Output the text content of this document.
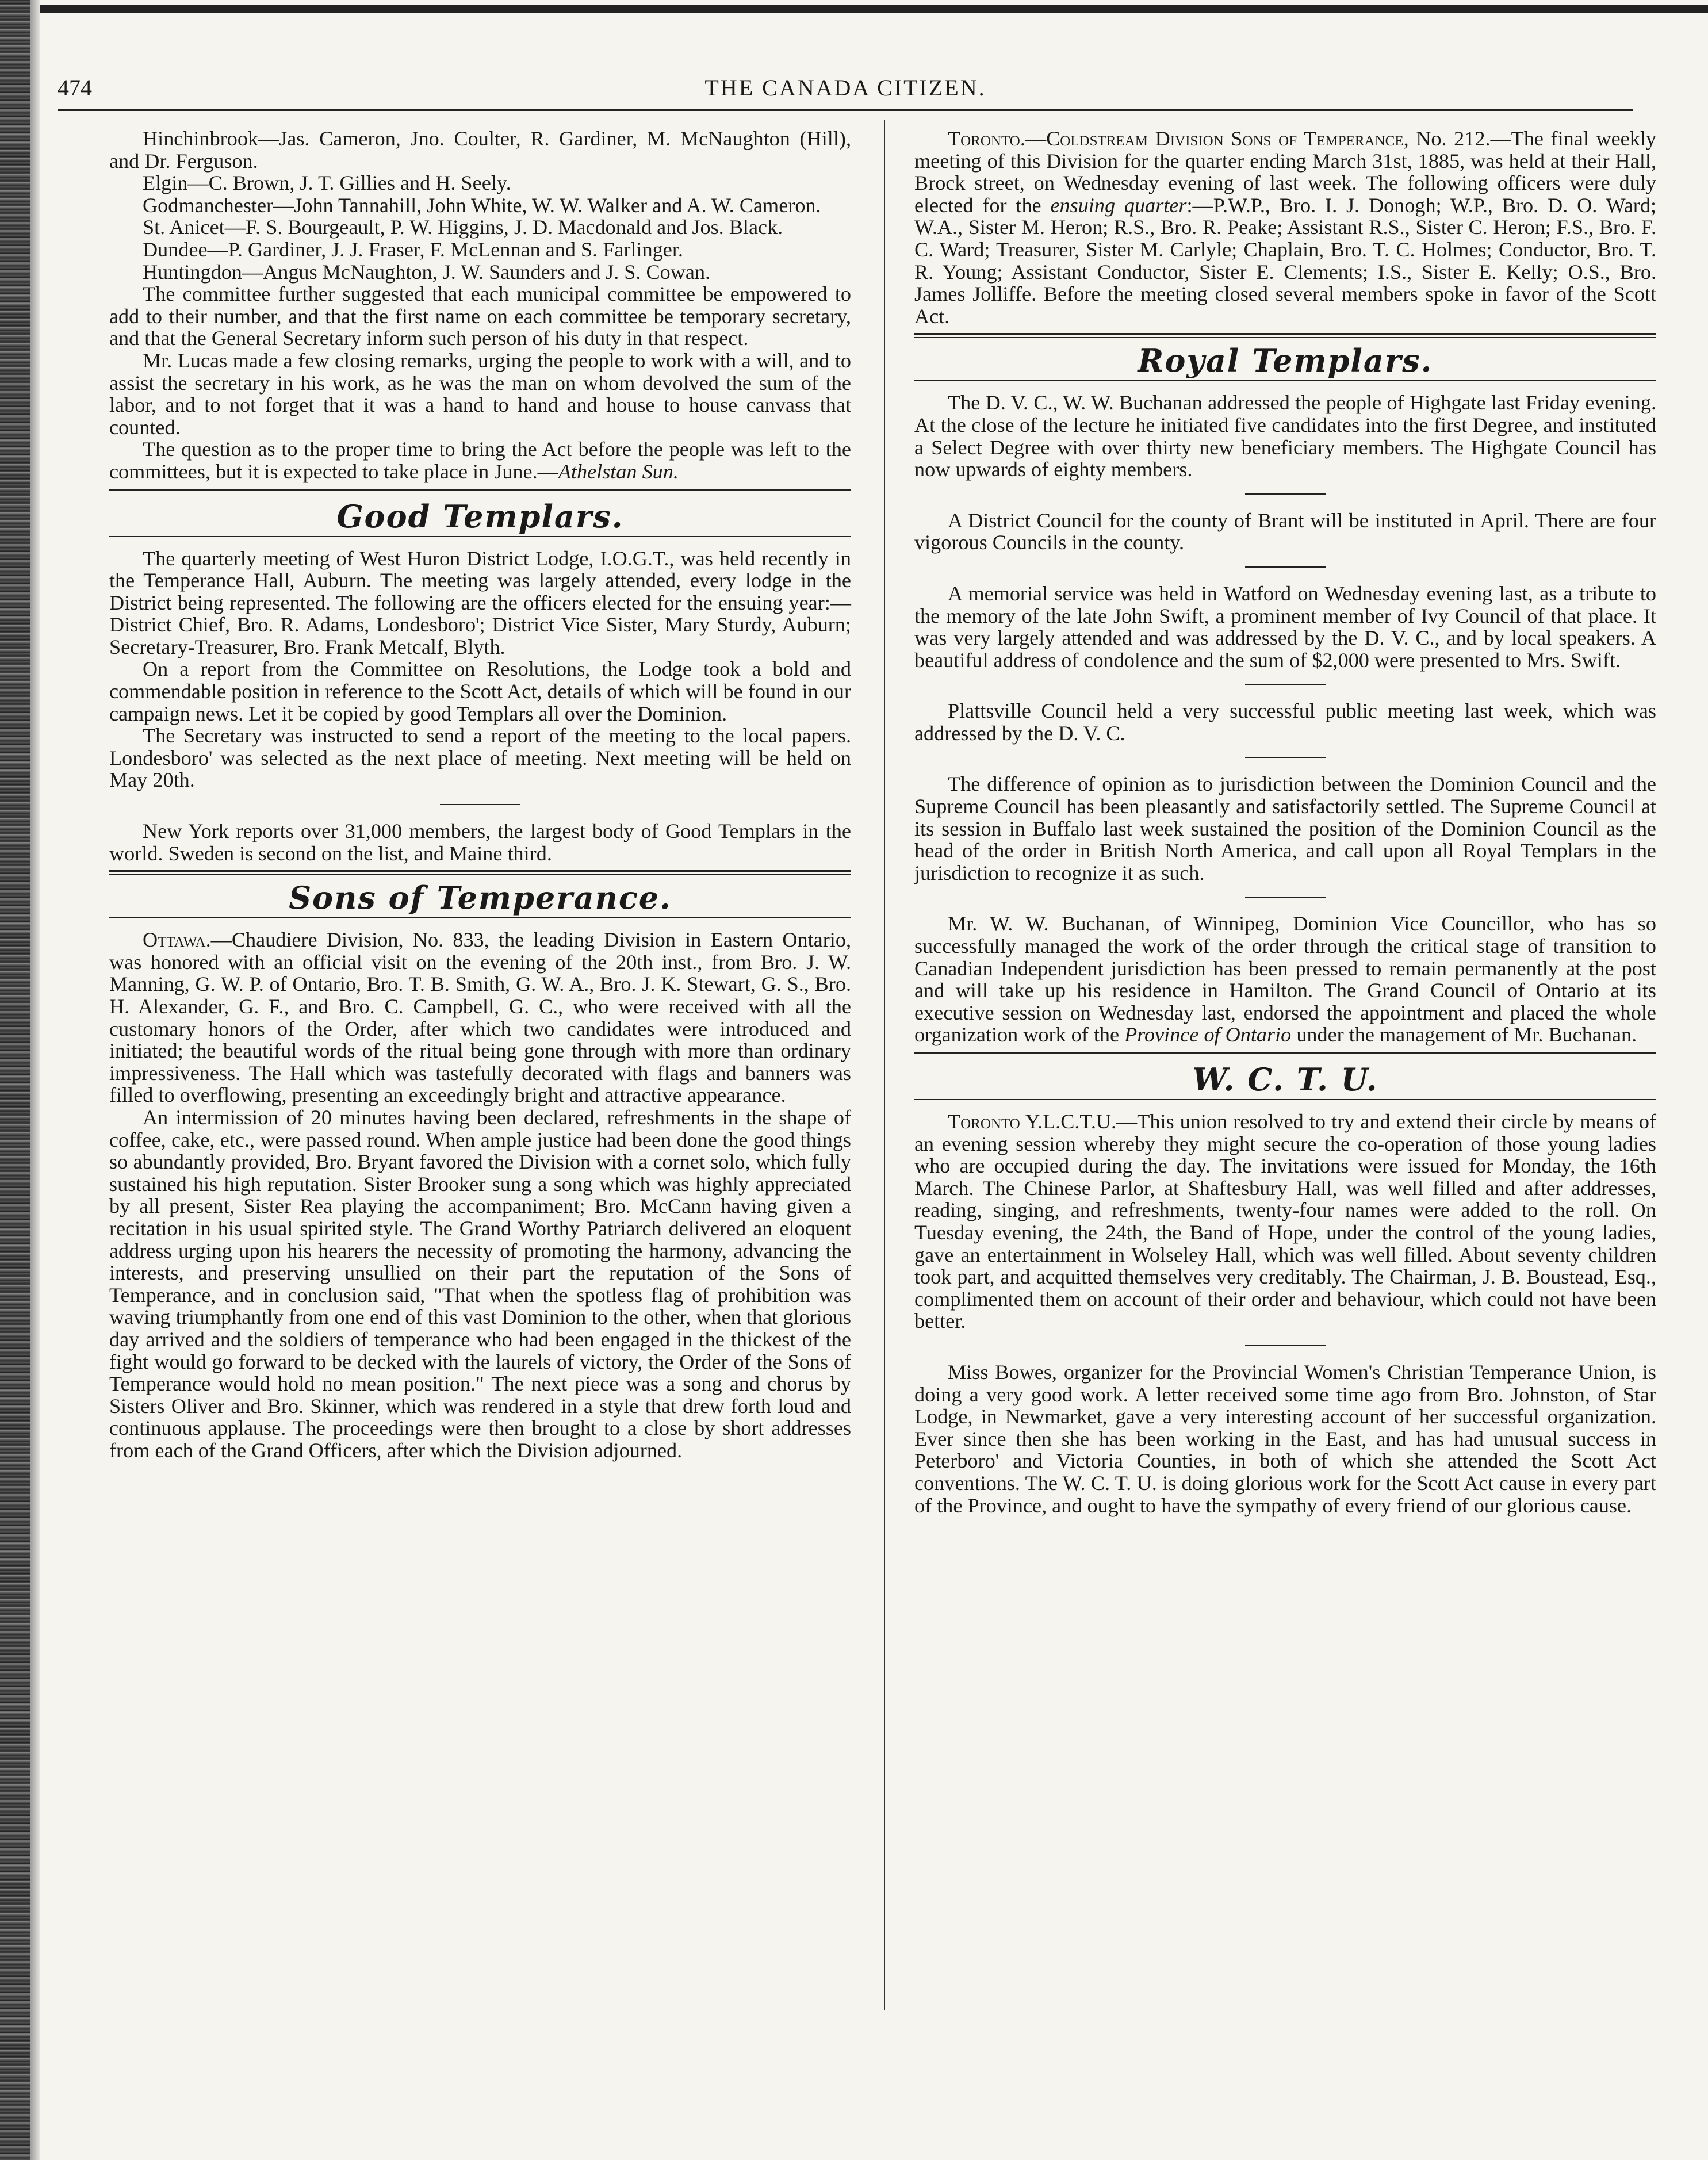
474	THE CANADA CITIZEN.

Hinchinbrook—Jas. Cameron, Jno. Coulter, R. Gardiner, M. McNaughton (Hill), and Dr. Ferguson.

Elgin—C. Brown, J. T. Gillies and H. Seely.

Godmanchester—John Tannahill, John White, W. W. Walker and A. W. Cameron.

St. Anicet—F. S. Bourgeault, P. W. Higgins, J. D. Macdonald and Jos. Black.

Dundee—P. Gardiner, J. J. Fraser, F. McLennan and S. Farlinger.

Huntingdon—Angus McNaughton, J. W. Saunders and J. S. Cowan.

The committee further suggested that each municipal committee be empowered to add to their number, and that the first name on each committee be temporary secretary, and that the General Secretary inform such person of his duty in that respect.

Mr. Lucas made a few closing remarks, urging the people to work with a will, and to assist the secretary in his work, as he was the man on whom devolved the sum of the labor, and to not forget that it was a hand to hand and house to house canvass that counted.

The question as to the proper time to bring the Act before the people was left to the committees, but it is expected to take place in June.—Athelstan Sun.

Good Templars.

The quarterly meeting of West Huron District Lodge, I.O.G.T., was held recently in the Temperance Hall, Auburn. The meeting was largely attended, every lodge in the District being represented. The following are the officers elected for the ensuing year:—District Chief, Bro. R. Adams, Londesboro'; District Vice Sister, Mary Sturdy, Auburn; Secretary-Treasurer, Bro. Frank Metcalf, Blyth.

On a report from the Committee on Resolutions, the Lodge took a bold and commendable position in reference to the Scott Act, details of which will be found in our campaign news. Let it be copied by good Templars all over the Dominion.

The Secretary was instructed to send a report of the meeting to the local papers. Londesboro' was selected as the next place of meeting. Next meeting will be held on May 20th.

New York reports over 31,000 members, the largest body of Good Templars in the world. Sweden is second on the list, and Maine third.

Sons of Temperance.

Ottawa.—Chaudiere Division, No. 833, the leading Division in Eastern Ontario, was honored with an official visit on the evening of the 20th inst., from Bro. J. W. Manning, G. W. P. of Ontario, Bro. T. B. Smith, G. W. A., Bro. J. K. Stewart, G. S., Bro. H. Alexander, G. F., and Bro. C. Campbell, G. C., who were received with all the customary honors of the Order, after which two candidates were introduced and initiated; the beautiful words of the ritual being gone through with more than ordinary impressiveness. The Hall which was tastefully decorated with flags and banners was filled to overflowing, presenting an exceedingly bright and attractive appearance.

An intermission of 20 minutes having been declared, refreshments in the shape of coffee, cake, etc., were passed round. When ample justice had been done the good things so abundantly provided, Bro. Bryant favored the Division with a cornet solo, which fully sustained his high reputation. Sister Brooker sung a song which was highly appreciated by all present, Sister Rea playing the accompaniment; Bro. McCann having given a recitation in his usual spirited style. The Grand Worthy Patriarch delivered an eloquent address urging upon his hearers the necessity of promoting the harmony, advancing the interests, and preserving unsullied on their part the reputation of the Sons of Temperance, and in conclusion said, "That when the spotless flag of prohibition was waving triumphantly from one end of this vast Dominion to the other, when that glorious day arrived and the soldiers of temperance who had been engaged in the thickest of the fight would go forward to be decked with the laurels of victory, the Order of the Sons of Temperance would hold no mean position." The next piece was a song and chorus by Sisters Oliver and Bro. Skinner, which was rendered in a style that drew forth loud and continuous applause. The proceedings were then brought to a close by short addresses from each of the Grand Officers, after which the Division adjourned.

Toronto.—Coldstream Division Sons of Temperance, No. 212.—The final weekly meeting of this Division for the quarter ending March 31st, 1885, was held at their Hall, Brock street, on Wednesday evening of last week. The following officers were duly elected for the ensuing quarter:—P.W.P., Bro. I. J. Donogh; W.P., Bro. D. O. Ward; W.A., Sister M. Heron; R.S., Bro. R. Peake; Assistant R.S., Sister C. Heron; F.S., Bro. F. C. Ward; Treasurer, Sister M. Carlyle; Chaplain, Bro. T. C. Holmes; Conductor, Bro. T. R. Young; Assistant Conductor, Sister E. Clements; I.S., Sister E. Kelly; O.S., Bro. James Jolliffe. Before the meeting closed several members spoke in favor of the Scott Act.

Royal Templars.

The D. V. C., W. W. Buchanan addressed the people of Highgate last Friday evening. At the close of the lecture he initiated five candidates into the first Degree, and instituted a Select Degree with over thirty new beneficiary members. The Highgate Council has now upwards of eighty members.

A District Council for the county of Brant will be instituted in April. There are four vigorous Councils in the county.

A memorial service was held in Watford on Wednesday evening last, as a tribute to the memory of the late John Swift, a prominent member of Ivy Council of that place. It was very largely attended and was addressed by the D. V. C., and by local speakers. A beautiful address of condolence and the sum of $2,000 were presented to Mrs. Swift.

Plattsville Council held a very successful public meeting last week, which was addressed by the D. V. C.

The difference of opinion as to jurisdiction between the Dominion Council and the Supreme Council has been pleasantly and satisfactorily settled. The Supreme Council at its session in Buffalo last week sustained the position of the Dominion Council as the head of the order in British North America, and call upon all Royal Templars in the jurisdiction to recognize it as such.

Mr. W. W. Buchanan, of Winnipeg, Dominion Vice Councillor, who has so successfully managed the work of the order through the critical stage of transition to Canadian Independent jurisdiction has been pressed to remain permanently at the post and will take up his residence in Hamilton. The Grand Council of Ontario at its executive session on Wednesday last, endorsed the appointment and placed the whole organization work of the Province of Ontario under the management of Mr. Buchanan.

W. C. T. U.

Toronto Y.L.C.T.U.—This union resolved to try and extend their circle by means of an evening session whereby they might secure the co-operation of those young ladies who are occupied during the day. The invitations were issued for Monday, the 16th March. The Chinese Parlor, at Shaftesbury Hall, was well filled and after addresses, reading, singing, and refreshments, twenty-four names were added to the roll. On Tuesday evening, the 24th, the Band of Hope, under the control of the young ladies, gave an entertainment in Wolseley Hall, which was well filled. About seventy children took part, and acquitted themselves very creditably. The Chairman, J. B. Boustead, Esq., complimented them on account of their order and behaviour, which could not have been better.

Miss Bowes, organizer for the Provincial Women's Christian Temperance Union, is doing a very good work. A letter received some time ago from Bro. Johnston, of Star Lodge, in Newmarket, gave a very interesting account of her successful organization. Ever since then she has been working in the East, and has had unusual success in Peterboro' and Victoria Counties, in both of which she attended the Scott Act conventions. The W. C. T. U. is doing glorious work for the Scott Act cause in every part of the Province, and ought to have the sympathy of every friend of our glorious cause.
